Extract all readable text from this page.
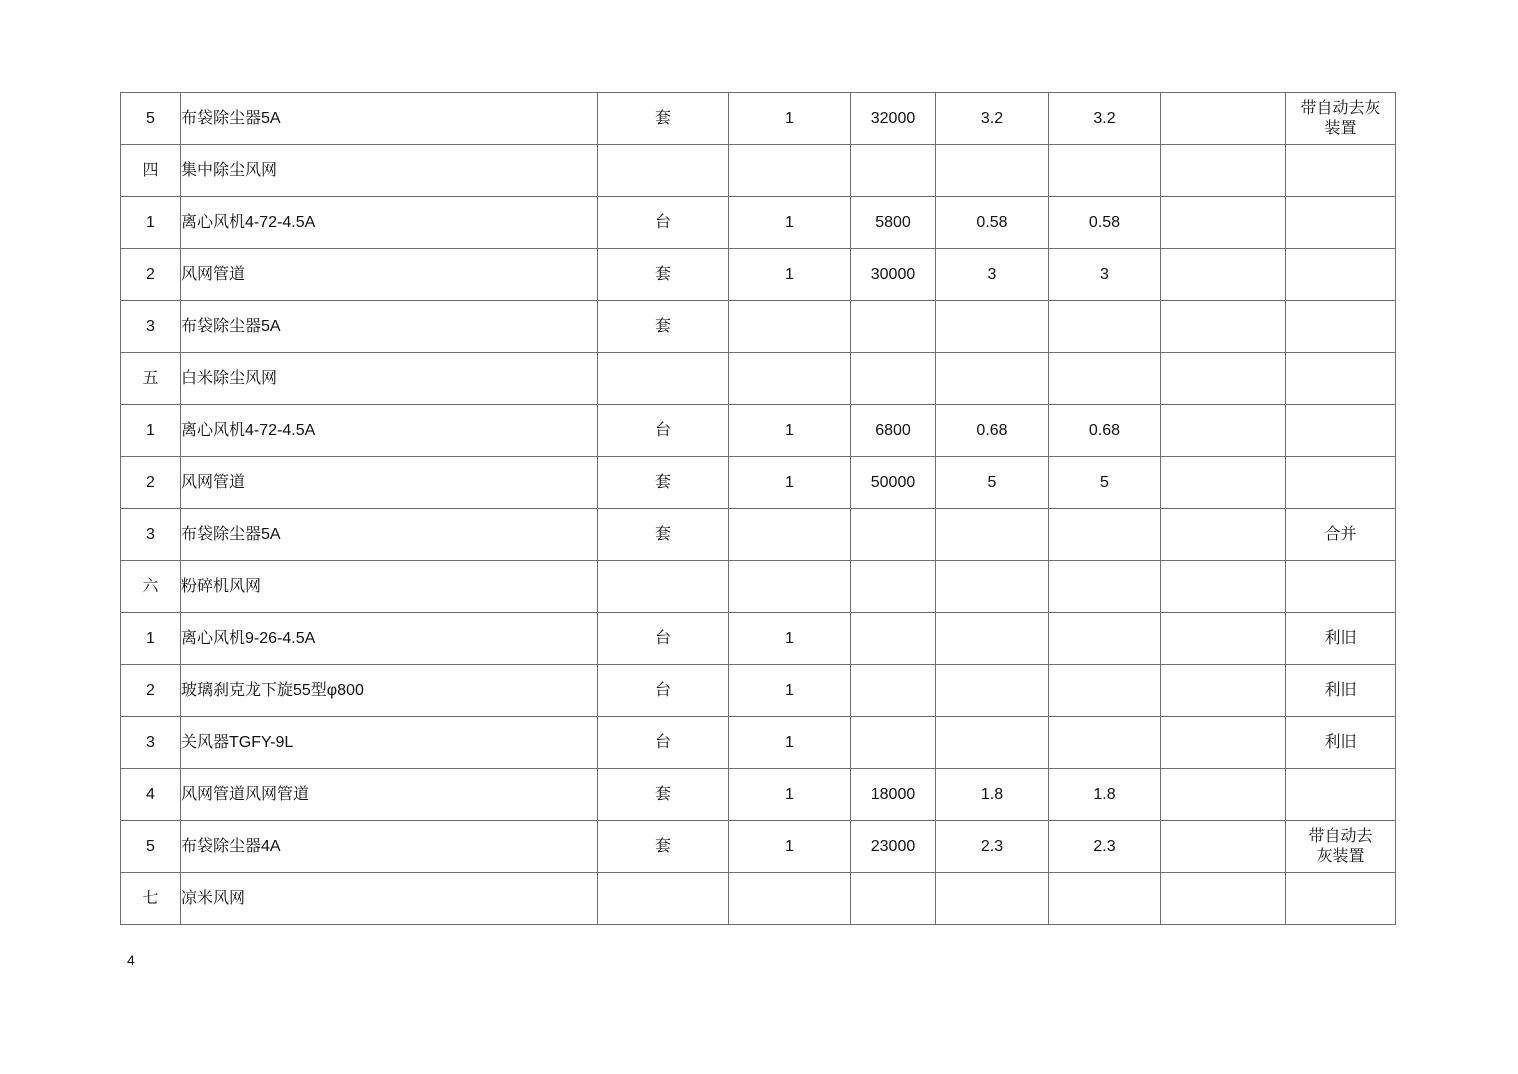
5	布袋除尘器5A	套	1	32000	3.2	3.2		带自动去灰
装置
四	集中除尘风网							
1	离心风机4-72-4.5A	台	1	5800	0.58	0.58		
2	风网管道	套	1	30000	3	3		
3	布袋除尘器5A	套						
五	白米除尘风网							
1	离心风机4-72-4.5A	台	1	6800	0.68	0.68		
2	风网管道	套	1	50000	5	5		
3	布袋除尘器5A	套						合并
六	粉碎机风网							
1	离心风机9-26-4.5A	台	1					利旧
2	玻璃刹克龙下旋55型φ800	台	1					利旧
3	关风器TGFY-9L	台	1					利旧
4	风网管道风网管道	套	1	18000	1.8	1.8		
5	布袋除尘器4A	套	1	23000	2.3	2.3		带自动去
灰装置
七	凉米风网							
4
